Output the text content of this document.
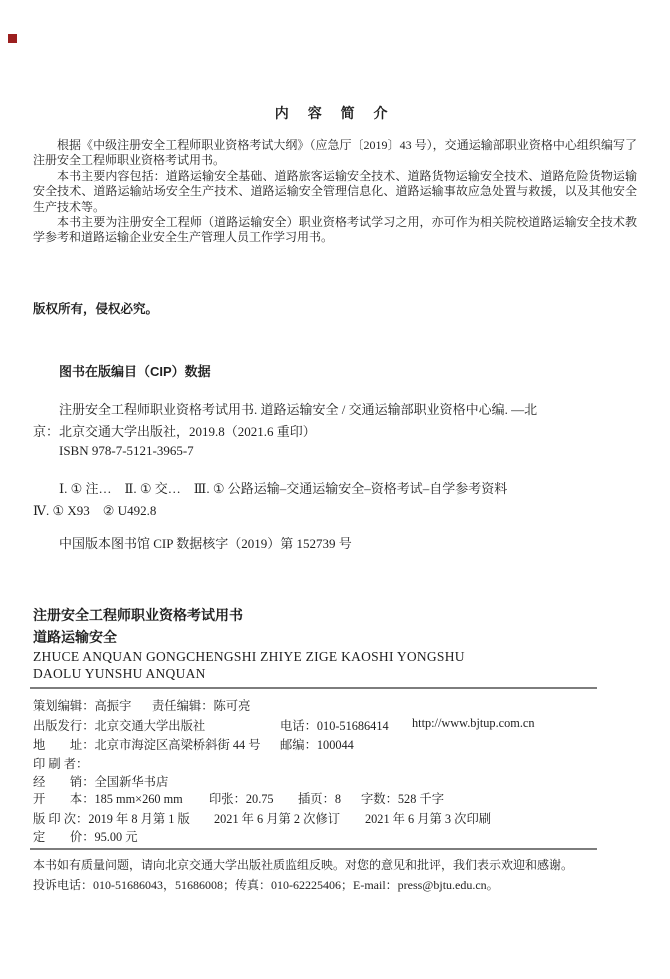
内 容 简 介

根据《中级注册安全工程师职业资格考试大纲》（应急厅〔2019〕43 号），交通运输部职业资格中心组织编写了注册安全工程师职业资格考试用书。

本书主要内容包括：道路运输安全基础、道路旅客运输安全技术、道路货物运输安全技术、道路危险货物运输安全技术、道路运输站场安全生产技术、道路运输安全管理信息化、道路运输事故应急处置与救援，以及其他安全生产技术等。

本书主要为注册安全工程师（道路运输安全）职业资格考试学习之用，亦可作为相关院校道路运输安全技术教学参考和道路运输企业安全生产管理人员工作学习用书。

版权所有，侵权必究。
图书在版编目（CIP）数据
注册安全工程师职业资格考试用书. 道路运输安全 / 交通运输部职业资格中心编. —北
京：北京交通大学出版社，2019.8（2021.6 重印）
ISBN 978-7-5121-3965-7
Ⅰ. ① 注…　Ⅱ. ① 交…　Ⅲ. ① 公路运输–交通运输安全–资格考试–自学参考资料
Ⅳ. ① X93　② U492.8
中国版本图书馆 CIP 数据核字（2019）第 152739 号
注册安全工程师职业资格考试用书
道路运输安全
ZHUCE ANQUAN GONGCHENGSHI ZHIYE ZIGE KAOSHI YONGSHU
DAOLU YUNSHU ANQUAN
策划编辑：高振宇 责任编辑：陈可亮
出版发行：北京交通大学出版社	电话：010-51686414 http://www.bjtup.com.cn
地　　址：北京市海淀区高梁桥斜街 44 号 邮编：100044
印 刷 者：
经　　销：全国新华书店
开　　本：185 mm×260 mm 印张：20.75 插页：8 字数：528 千字
版 印 次：2019 年 8 月第 1 版 2021 年 6 月第 2 次修订 2021 年 6 月第 3 次印刷
定　　价：95.00 元
本书如有质量问题，请向北京交通大学出版社质监组反映。对您的意见和批评，我们表示欢迎和感谢。
投诉电话：010-51686043，51686008；传真：010-62225406；E-mail：press@bjtu.edu.cn。
